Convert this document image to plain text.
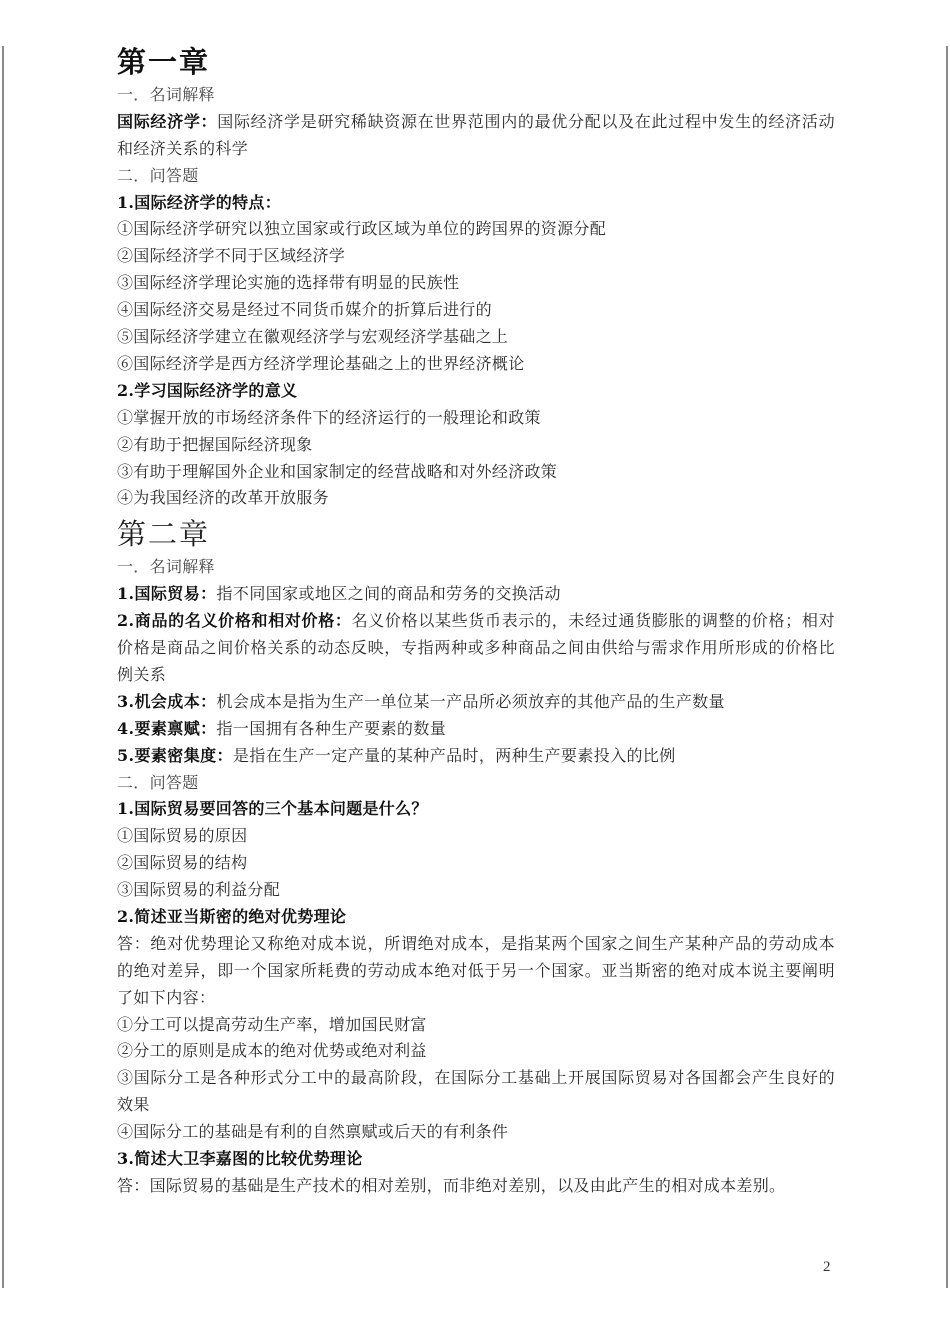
第一章
一．名词解释
国际经济学：国际经济学是研究稀缺资源在世界范围内的最优分配以及在此过程中发生的经济活动和经济关系的科学
二．问答题
1.国际经济学的特点：
①国际经济学研究以独立国家或行政区域为单位的跨国界的资源分配
②国际经济学不同于区域经济学
③国际经济学理论实施的选择带有明显的民族性
④国际经济交易是经过不同货币媒介的折算后进行的
⑤国际经济学建立在徽观经济学与宏观经济学基础之上
⑥国际经济学是西方经济学理论基础之上的世界经济概论
2.学习国际经济学的意义
①掌握开放的市场经济条件下的经济运行的一般理论和政策
②有助于把握国际经济现象
③有助于理解国外企业和国家制定的经营战略和对外经济政策
④为我国经济的改革开放服务
第二章
一．名词解释
1.国际贸易：指不同国家或地区之间的商品和劳务的交换活动
2.商品的名义价格和相对价格：名义价格以某些货币表示的，未经过通货膨胀的调整的价格；相对价格是商品之间价格关系的动态反映，专指两种或多种商品之间由供给与需求作用所形成的价格比例关系
3.机会成本：机会成本是指为生产一单位某一产品所必须放弃的其他产品的生产数量
4.要素禀赋：指一国拥有各种生产要素的数量
5.要素密集度：是指在生产一定产量的某种产品时，两种生产要素投入的比例
二．问答题
1.国际贸易要回答的三个基本问题是什么？
①国际贸易的原因
②国际贸易的结构
③国际贸易的利益分配
2.简述亚当斯密的绝对优势理论
答：绝对优势理论又称绝对成本说，所谓绝对成本，是指某两个国家之间生产某种产品的劳动成本的绝对差异，即一个国家所耗费的劳动成本绝对低于另一个国家。亚当斯密的绝对成本说主要阐明了如下内容：
①分工可以提高劳动生产率，增加国民财富
②分工的原则是成本的绝对优势或绝对利益
③国际分工是各种形式分工中的最高阶段，在国际分工基础上开展国际贸易对各国都会产生良好的效果
④国际分工的基础是有利的自然禀赋或后天的有利条件
3.简述大卫李嘉图的比较优势理论
答：国际贸易的基础是生产技术的相对差别，而非绝对差别，以及由此产生的相对成本差别。
2
